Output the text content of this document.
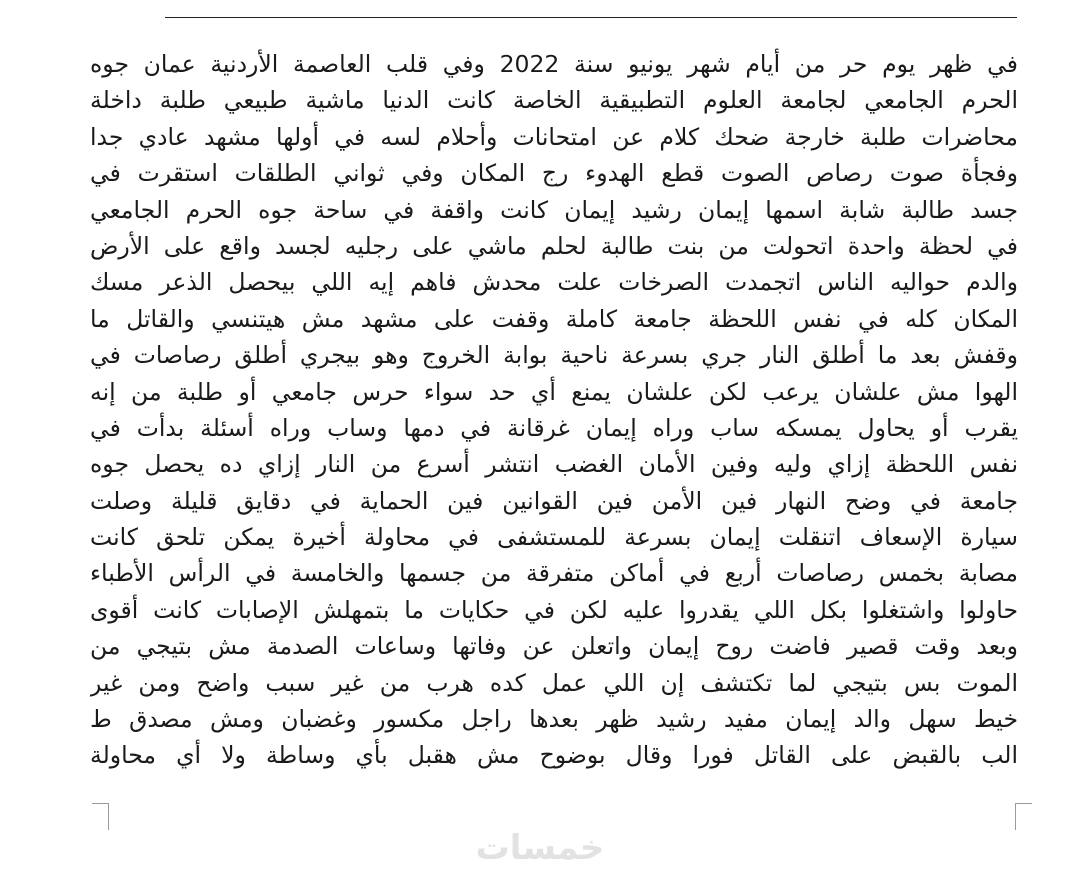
في ظهر يوم حر من أيام شهر يونيو سنة 2022 وفي قلب العاصمة الأردنية عمان جوه
الحرم الجامعي لجامعة العلوم التطبيقية الخاصة كانت الدنيا ماشية طبيعي طلبة داخلة
محاضرات طلبة خارجة ضحك كلام عن امتحانات وأحلام لسه في أولها مشهد عادي جدا
وفجأة صوت رصاص الصوت قطع الهدوء رج المكان وفي ثواني الطلقات استقرت في
جسد طالبة شابة اسمها إيمان رشيد إيمان كانت واقفة في ساحة جوه الحرم الجامعي
في لحظة واحدة اتحولت من بنت طالبة لحلم ماشي على رجليه لجسد واقع على الأرض
والدم حواليه الناس اتجمدت الصرخات علت محدش فاهم إيه اللي بيحصل الذعر مسك
المكان كله في نفس اللحظة جامعة كاملة وقفت على مشهد مش هيتنسي والقاتل ما
وقفش بعد ما أطلق النار جري بسرعة ناحية بوابة الخروج وهو بيجري أطلق رصاصات في
الهوا مش علشان يرعب لكن علشان يمنع أي حد سواء حرس جامعي أو طلبة من إنه
يقرب أو يحاول يمسكه ساب وراه إيمان غرقانة في دمها وساب وراه أسئلة بدأت في
نفس اللحظة إزاي وليه وفين الأمان الغضب انتشر أسرع من النار إزاي ده يحصل جوه
جامعة في وضح النهار فين الأمن فين القوانين فين الحماية في دقايق قليلة وصلت
سيارة الإسعاف اتنقلت إيمان بسرعة للمستشفى في محاولة أخيرة يمكن تلحق كانت
مصابة بخمس رصاصات أربع في أماكن متفرقة من جسمها والخامسة في الرأس الأطباء
حاولوا واشتغلوا بكل اللي يقدروا عليه لكن في حكايات ما بتمهلش الإصابات كانت أقوى
وبعد وقت قصير فاضت روح إيمان واتعلن عن وفاتها وساعات الصدمة مش بتيجي من
الموت بس بتيجي لما تكتشف إن اللي عمل كده هرب من غير سبب واضح ومن غير
خيط سهل والد إيمان مفيد رشيد ظهر بعدها راجل مكسور وغضبان ومش مصدق ط
الب بالقبض على القاتل فورا وقال بوضوح مش هقبل بأي وساطة ولا أي محاولة
خمسات
